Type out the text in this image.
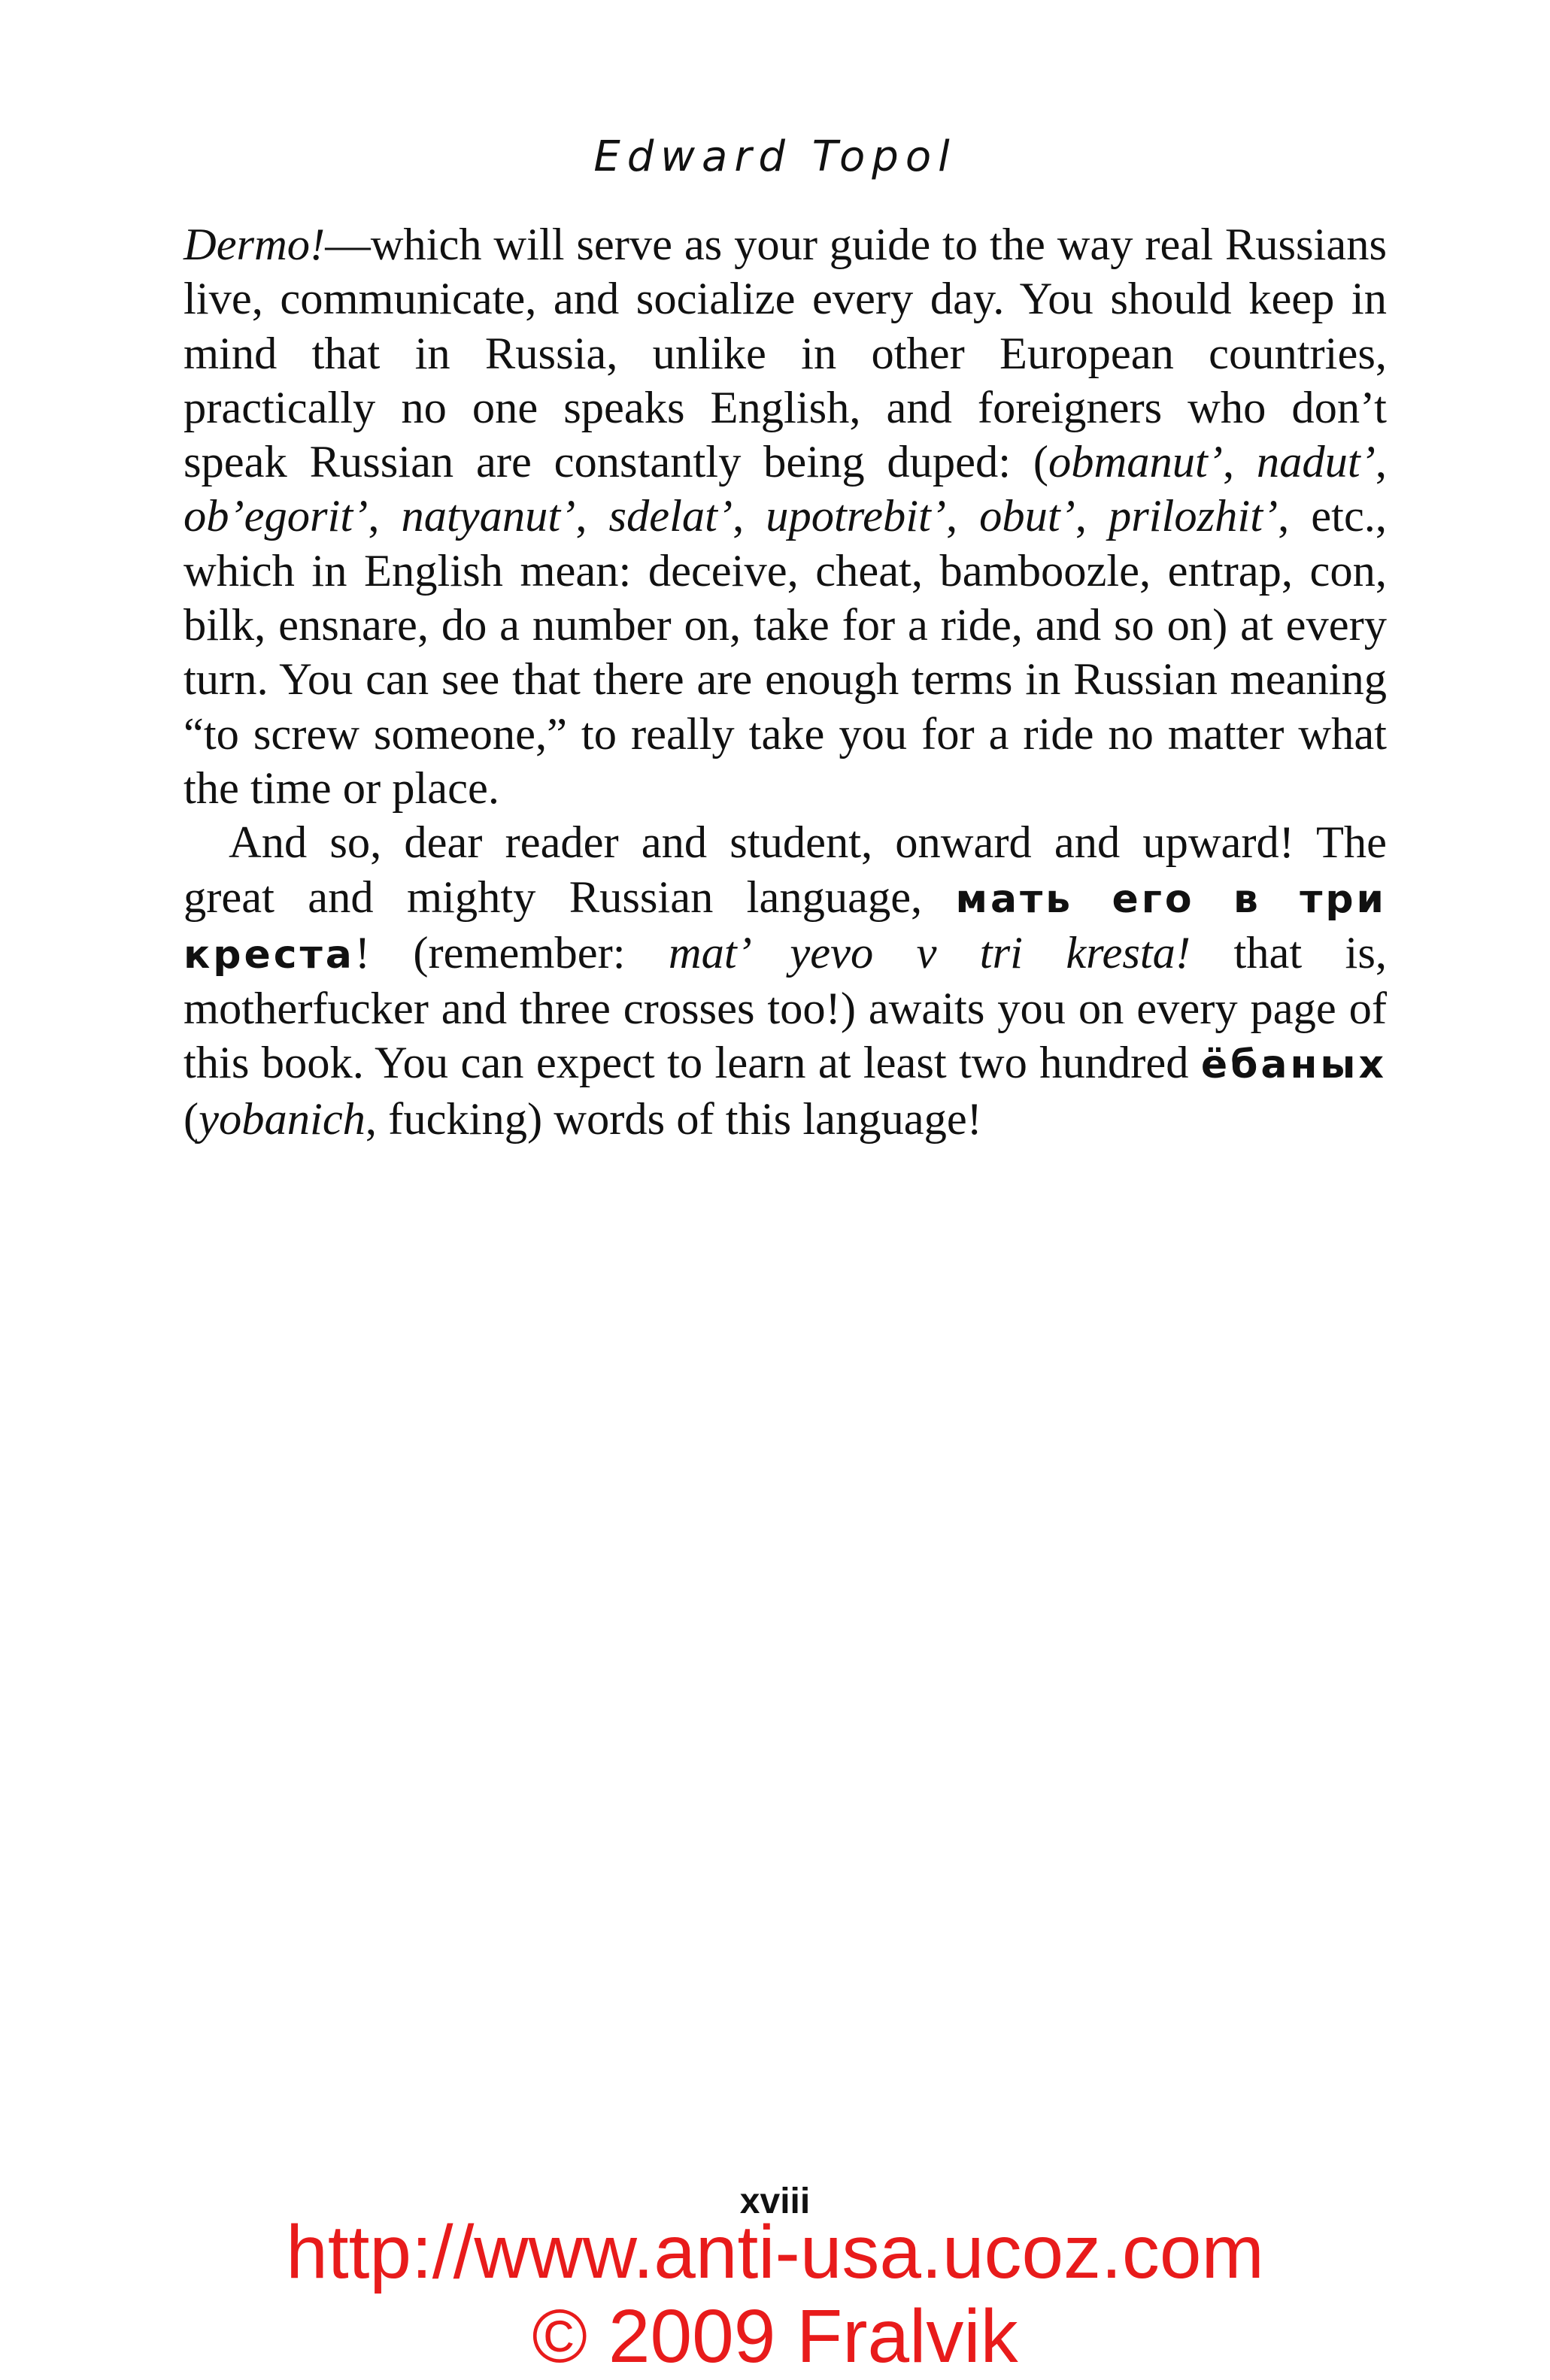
Edward Topol

Dermo!—which will serve as your guide to the way real Russians live, communicate, and socialize every day. You should keep in mind that in Russia, unlike in other European countries, practically no one speaks English, and foreigners who don’t speak Russian are constantly being duped: (obmanut’, nadut’, ob’egorit’, natyanut’, sdelat’, upotrebit’, obut’, prilozhit’, etc., which in English mean: deceive, cheat, bamboozle, entrap, con, bilk, ensnare, do a number on, take for a ride, and so on) at every turn. You can see that there are enough terms in Russian meaning “to screw someone,” to really take you for a ride no matter what the time or place.

And so, dear reader and student, onward and upward! The great and mighty Russian language, мать его в три креста! (remember: mat’ yevo v tri kresta! that is, motherfucker and three crosses too!) awaits you on every page of this book. You can expect to learn at least two hundred ёбаных (yobanich, fucking) words of this language!

xviii
http://www.anti-usa.ucoz.com
© 2009 Fralvik
